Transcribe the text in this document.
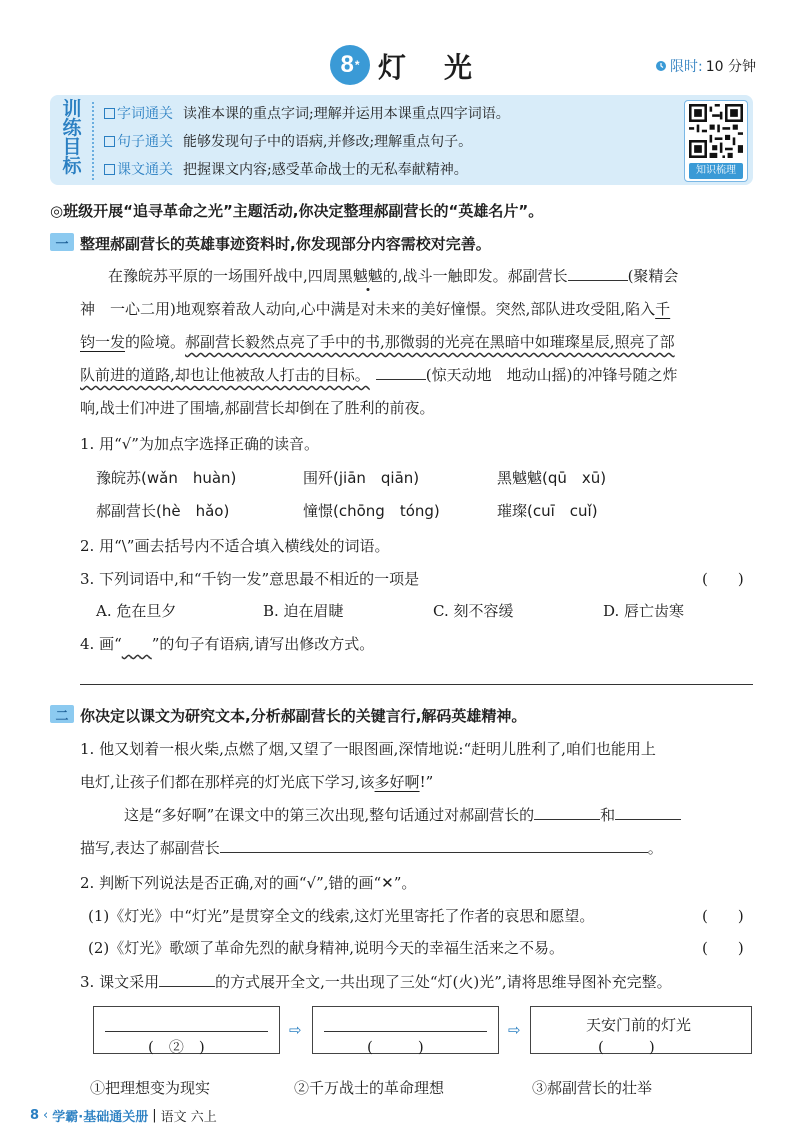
8 * 灯光	限时: 10 分钟
训练目标
字词通关 读准本课的重点字词;理解并运用本课重点四字词语。
句子通关 能够发现句子中的语病,并修改;理解重点句子。
课文通关 把握课文内容;感受革命战士的无私奉献精神。	知识梳理
◎班级开展“追寻革命之光”主题活动,你决定整理郝副营长的“英雄名片”。
一 整理郝副营长的英雄事迹资料时,你发现部分内容需校对完善。
在豫皖苏平原的一场围歼战中,四周黑魆魆的,战斗一触即发。郝副营长	(聚精会
神　一心二用)地观察着敌人动向,心中满是对未来的美好憧憬。突然,部队进攻受阻,陷入千
钧一发的险境。郝副营长毅然点亮了手中的书,那微弱的光亮在黑暗中如璀璨星辰,照亮了部
队前进的道路,却也让他被敌人打击的目标。	(惊天动地　地动山摇)的冲锋号随之炸
响,战士们冲进了围墙,郝副营长却倒在了胜利的前夜。
1. 用“√”为加点字选择正确的读音。
豫皖苏(wǎn　huàn)	围歼(jiān　qiān)	黑魆魆(qū　xū)
郝副营长(hè　hǎo)	憧憬(chōng　tóng)	璀璨(cuī　cuǐ)
2. 用“\”画去括号内不适合填入横线处的词语。
3. 下列词语中,和“千钧一发”意思最不相近的一项是	(　　)
A. 危在旦夕	B. 迫在眉睫	C. 刻不容缓	D. 唇亡齿寒
4. 画“　　 ”的句子有语病,请写出修改方式。
二 你决定以课文为研究文本,分析郝副营长的关键言行,解码英雄精神。
1. 他又划着一根火柴,点燃了烟,又望了一眼图画,深情地说:“赶明儿胜利了,咱们也能用上
电灯,让孩子们都在那样亮的灯光底下学习,该多好啊!”
这是“多好啊”在课文中的第三次出现,整句话通过对郝副营长的	和
描写,表达了郝副营长	。
2. 判断下列说法是否正确,对的画“√”,错的画“✕”。
(1)《灯光》中“灯光”是贯穿全文的线索,这灯光里寄托了作者的哀思和愿望。	(　　)
(2)《灯光》歌颂了革命先烈的献身精神,说明今天的幸福生活来之不易。	(　　)
3. 课文采用	的方式展开全文,一共出现了三处“灯(火)光”,请将思维导图补充完整。
(　②　)
⇨
(　　　)
⇨	天安门前的灯光
(　　　)
①把理想变为现实	②千万战士的革命理想	③郝副营长的壮举
8 ‹ 学霸·基础通关册 | 语文 六上
